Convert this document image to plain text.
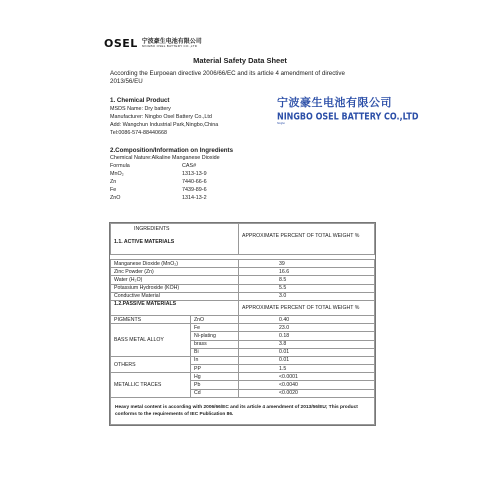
OSEL 宁波豪生电池有限公司
NINGBO OSEL BATTERY CO.,LTD
Material Safety Data Sheet
According the Eurpoean directive 2006/66/EC and its article 4 amendment of directive 2013/56/EU
1. Chemical Product
MSDS Name: Dry battery
Manufacturer: Ningbo Osel Battery Co.,Ltd
Add: Wangchun Industrial Park,Ningbo,China
Tel:0086-574-88440668
宁波豪生电池有限公司
NINGBO OSEL BATTERY CO.,LTD
Ningbo
2.Composition/Information on Ingredients
Chemical Nature:Alkaline Manganese Dioxide
Formula	CAS#
MnO₂	1313-13-9
Zn	7440-66-6
Fe	7439-89-6
ZnO	1314-13-2
INGREDIENTS
1.1. ACTIVE MATERIALS		APPROXIMATE PERCENT OF TOTAL WEIGHT %

Manganese Dioxide (MnO₂)		39
Zinc Powder (Zn)		16.6
Water (H₂O)		8.5
Potassium Hydroxide (KOH)		5.5
Conductive Material		3.0
1.2.PASSIVE MATERIALS		APPROXIMATE PERCENT OF TOTAL WEIGHT %
PIGMENTS	ZnO	0.40
BASS METAL ALLOY	Fe	23.0
	Ni-plating	0.18
	brass	3.8
	Bi	0.01
OTHERS	In	0.01
	PP	1.5
METALLIC TRACES	Hg	<0.0001
	Pb	<0.0040
	Cd	<0.0020
Heavy metal content is according with 2006/66/EC and its article 4 amendment of 2013/56/EU; This product conforms to the requirements of IEC Publication 86.		
